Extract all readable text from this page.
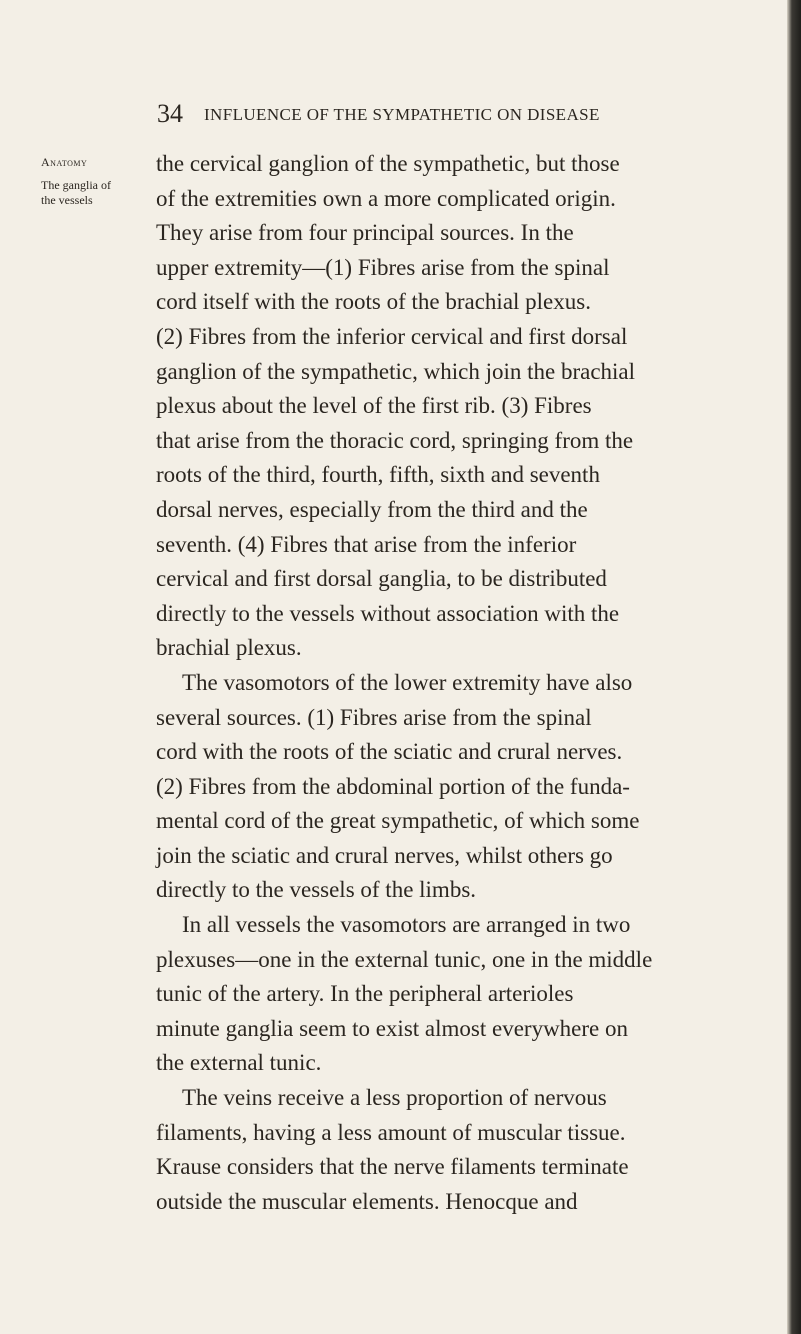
34 INFLUENCE OF THE SYMPATHETIC ON DISEASE
Anatomy
The ganglia of the vessels
the cervical ganglion of the sympathetic, but those
of the extremities own a more complicated origin.
They arise from four principal sources. In the
upper extremity—(1) Fibres arise from the spinal
cord itself with the roots of the brachial plexus.
(2) Fibres from the inferior cervical and first dorsal
ganglion of the sympathetic, which join the brachial
plexus about the level of the first rib. (3) Fibres
that arise from the thoracic cord, springing from the
roots of the third, fourth, fifth, sixth and seventh
dorsal nerves, especially from the third and the
seventh. (4) Fibres that arise from the inferior
cervical and first dorsal ganglia, to be distributed
directly to the vessels without association with the
brachial plexus.
The vasomotors of the lower extremity have also
several sources. (1) Fibres arise from the spinal
cord with the roots of the sciatic and crural nerves.
(2) Fibres from the abdominal portion of the funda-
mental cord of the great sympathetic, of which some
join the sciatic and crural nerves, whilst others go
directly to the vessels of the limbs.
In all vessels the vasomotors are arranged in two
plexuses—one in the external tunic, one in the middle
tunic of the artery. In the peripheral arterioles
minute ganglia seem to exist almost everywhere on
the external tunic.
The veins receive a less proportion of nervous
filaments, having a less amount of muscular tissue.
Krause considers that the nerve filaments terminate
outside the muscular elements. Henocque and
